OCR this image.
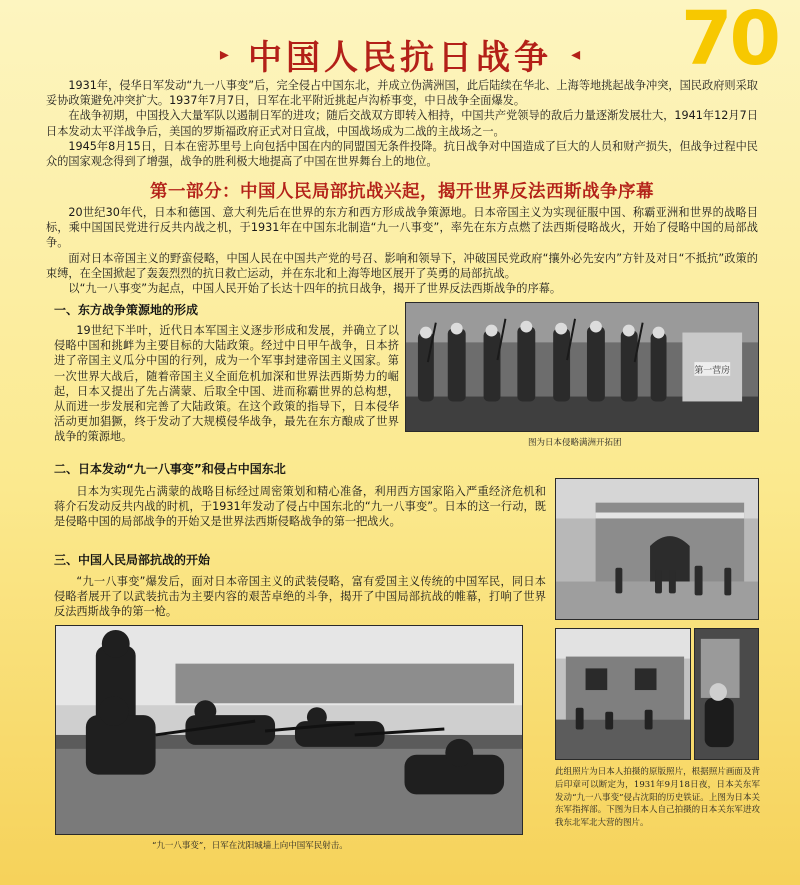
70
▸ 中国人民抗日战争 ◂

1931年，侵华日军发动“九一八事变”后，完全侵占中国东北，并成立伪满洲国，此后陆续在华北、上海等地挑起战争冲突，国民政府则采取妥协政策避免冲突扩大。1937年7月7日，日军在北平附近挑起卢沟桥事变，中日战争全面爆发。

在战争初期，中国投入大量军队以遏制日军的进攻；随后交战双方即转入相持，中国共产党领导的敌后力量逐渐发展壮大，1941年12月7日日本发动太平洋战争后，美国的罗斯福政府正式对日宣战，中国战场成为二战的主战场之一。

1945年8月15日，日本在密苏里号上向包括中国在内的同盟国无条件投降。抗日战争对中国造成了巨大的人员和财产损失，但战争过程中民众的国家观念得到了增强，战争的胜利极大地提高了中国在世界舞台上的地位。

第一部分：中国人民局部抗战兴起，揭开世界反法西斯战争序幕

20世纪30年代，日本和德国、意大利先后在世界的东方和西方形成战争策源地。日本帝国主义为实现征服中国、称霸亚洲和世界的战略目标，乘中国国民党进行反共内战之机，于1931年在中国东北制造“九一八事变”，率先在东方点燃了法西斯侵略战火，开始了侵略中国的局部战争。

面对日本帝国主义的野蛮侵略，中国人民在中国共产党的号召、影响和领导下，冲破国民党政府“攘外必先安内”方针及对日“不抵抗”政策的束缚，在全国掀起了轰轰烈烈的抗日救亡运动，并在东北和上海等地区展开了英勇的局部抗战。

以“九一八事变”为起点，中国人民开始了长达十四年的抗日战争，揭开了世界反法西斯战争的序幕。

一、东方战争策源地的形成

19世纪下半叶，近代日本军国主义逐步形成和发展，并确立了以侵略中国和挑衅为主要目标的大陆政策。经过中日甲午战争，日本挤进了帝国主义瓜分中国的行列，成为一个军事封建帝国主义国家。第一次世界大战后，随着帝国主义全面危机加深和世界法西斯势力的崛起，日本又提出了先占满蒙、后取全中国、进而称霸世界的总构想，从而进一步发展和完善了大陆政策。在这个政策的指导下，日本侵华活动更加猖獗，终于发动了大规模侵华战争，最先在东方酿成了世界战争的策源地。

第一营房
图为日本侵略满洲开拓团
二、日本发动“九一八事变”和侵占中国东北

日本为实现先占满蒙的战略目标经过周密策划和精心准备，利用西方国家陷入严重经济危机和蒋介石发动反共内战的时机，于1931年发动了侵占中国东北的“九一八事变”。日本的这一行动，既是侵略中国的局部战争的开始又是世界法西斯侵略战争的第一把战火。

三、中国人民局部抗战的开始

“九一八事变”爆发后，面对日本帝国主义的武装侵略，富有爱国主义传统的中国军民，同日本侵略者展开了以武装抗击为主要内容的艰苦卓绝的斗争，揭开了中国局部抗战的帷幕，打响了世界反法西斯战争的第一枪。

“九一八事变”，日军在沈阳城墙上向中国军民射击。
此组照片为日本人拍摄的原版照片，根据照片画面及背后印章可以断定为，1931年9月18日夜，日本关东军发动“九一八事变”侵占沈阳的历史铁证。上图为日本关东军指挥部。下图为日本人自己拍摄的日本关东军进攻我东北军北大营的图片。
